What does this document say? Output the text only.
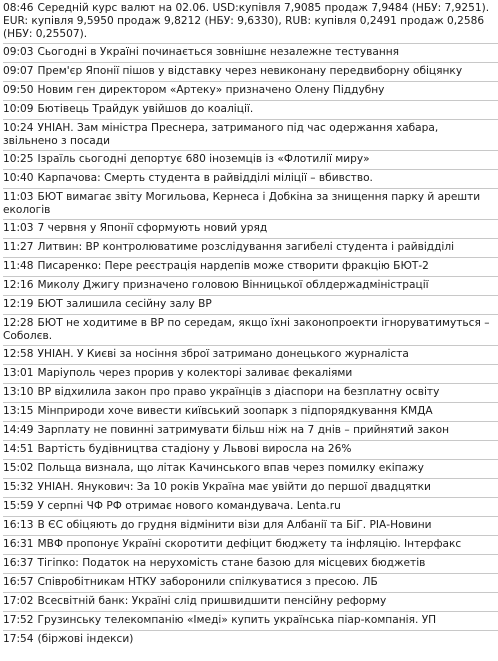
08:46 Середній курс валют на 02.06. USD:купівля 7,9085 продаж 7,9484 (НБУ: 7,9251). EUR: купівля 9,5950 продаж 9,8212 (НБУ: 9,6330), RUB: купівля 0,2491 продаж 0,2586 (НБУ: 0,25507).
09:03 Сьогодні в Україні починається зовнішнє незалежне тестування
09:07 Прем'єр Японії пішов у відставку через невиконану передвиборну обіцянку
09:50 Новим ген директором «Артеку» призначено Олену Піддубну
10:09 Бютівець Трайдук увійшов до коаліції.
10:24 УНІАН. Зам міністра Преснера, затриманого під час одержання хабара, звільнено з посади
10:25 Ізраїль сьогодні депортує 680 іноземців із «Флотилії миру»
10:40 Карпачова: Смерть студента в райвідділі міліції – вбивство.
11:03 БЮТ вимагає звіту Могильова, Кернеса і Добкіна за знищення парку й арешти екологів
11:03 7 червня у Японії сформують новий уряд
11:27 Литвин: ВР контролюватиме розслідування загибелі студента і райвідділі
11:48 Писаренко: Пере реєстрація нардепів може створити фракцію БЮТ-2
12:16 Миколу Джигу призначено головою Вінницької облдержадміністрації
12:19 БЮТ залишила сесійну залу ВР
12:28 БЮТ не ходитиме в ВР по середам, якщо їхні законопроекти ігноруватимуться – Соболєв.
12:58 УНІАН. У Києві за носіння зброї затримано донецького журналіста
13:01 Маріуполь через прорив у колекторі заливає фекаліями
13:10 ВР відхилила закон про право українців з діаспори на безплатну освіту
13:15 Мінприроди хоче вивести київський зоопарк з підпорядкування КМДА
14:49 Зарплату не повинні затримувати більш ніж на 7 днів – прийнятий закон
14:51 Вартість будівництва стадіону у Львові виросла на 26%
15:02 Польща визнала, що літак Качинського впав через помилку екіпажу
15:32 УНІАН. Янукович: За 10 років Україна має увійти до першої двадцятки
15:59 У серпні ЧФ РФ отримає нового командувача. Lenta.ru
16:13 В ЄС обіцяють до грудня відмінити візи для Албанії та БіГ. РІА-Новини
16:31 МВФ пропонує Україні скоротити дефіцит бюджету та інфляцію. Інтерфакс
16:37 Тігіпко: Податок на нерухомість стане базою для місцевих бюджетів
16:57 Співробітникам НТКУ заборонили спілкуватися з пресою. ЛБ
17:02 Всесвітній банк: Україні слід пришвидшити пенсійну реформу
17:52 Грузинську телекомпанію «Імеді» купить українська піар-компанія. УП
17:54 (біржові індекси)
